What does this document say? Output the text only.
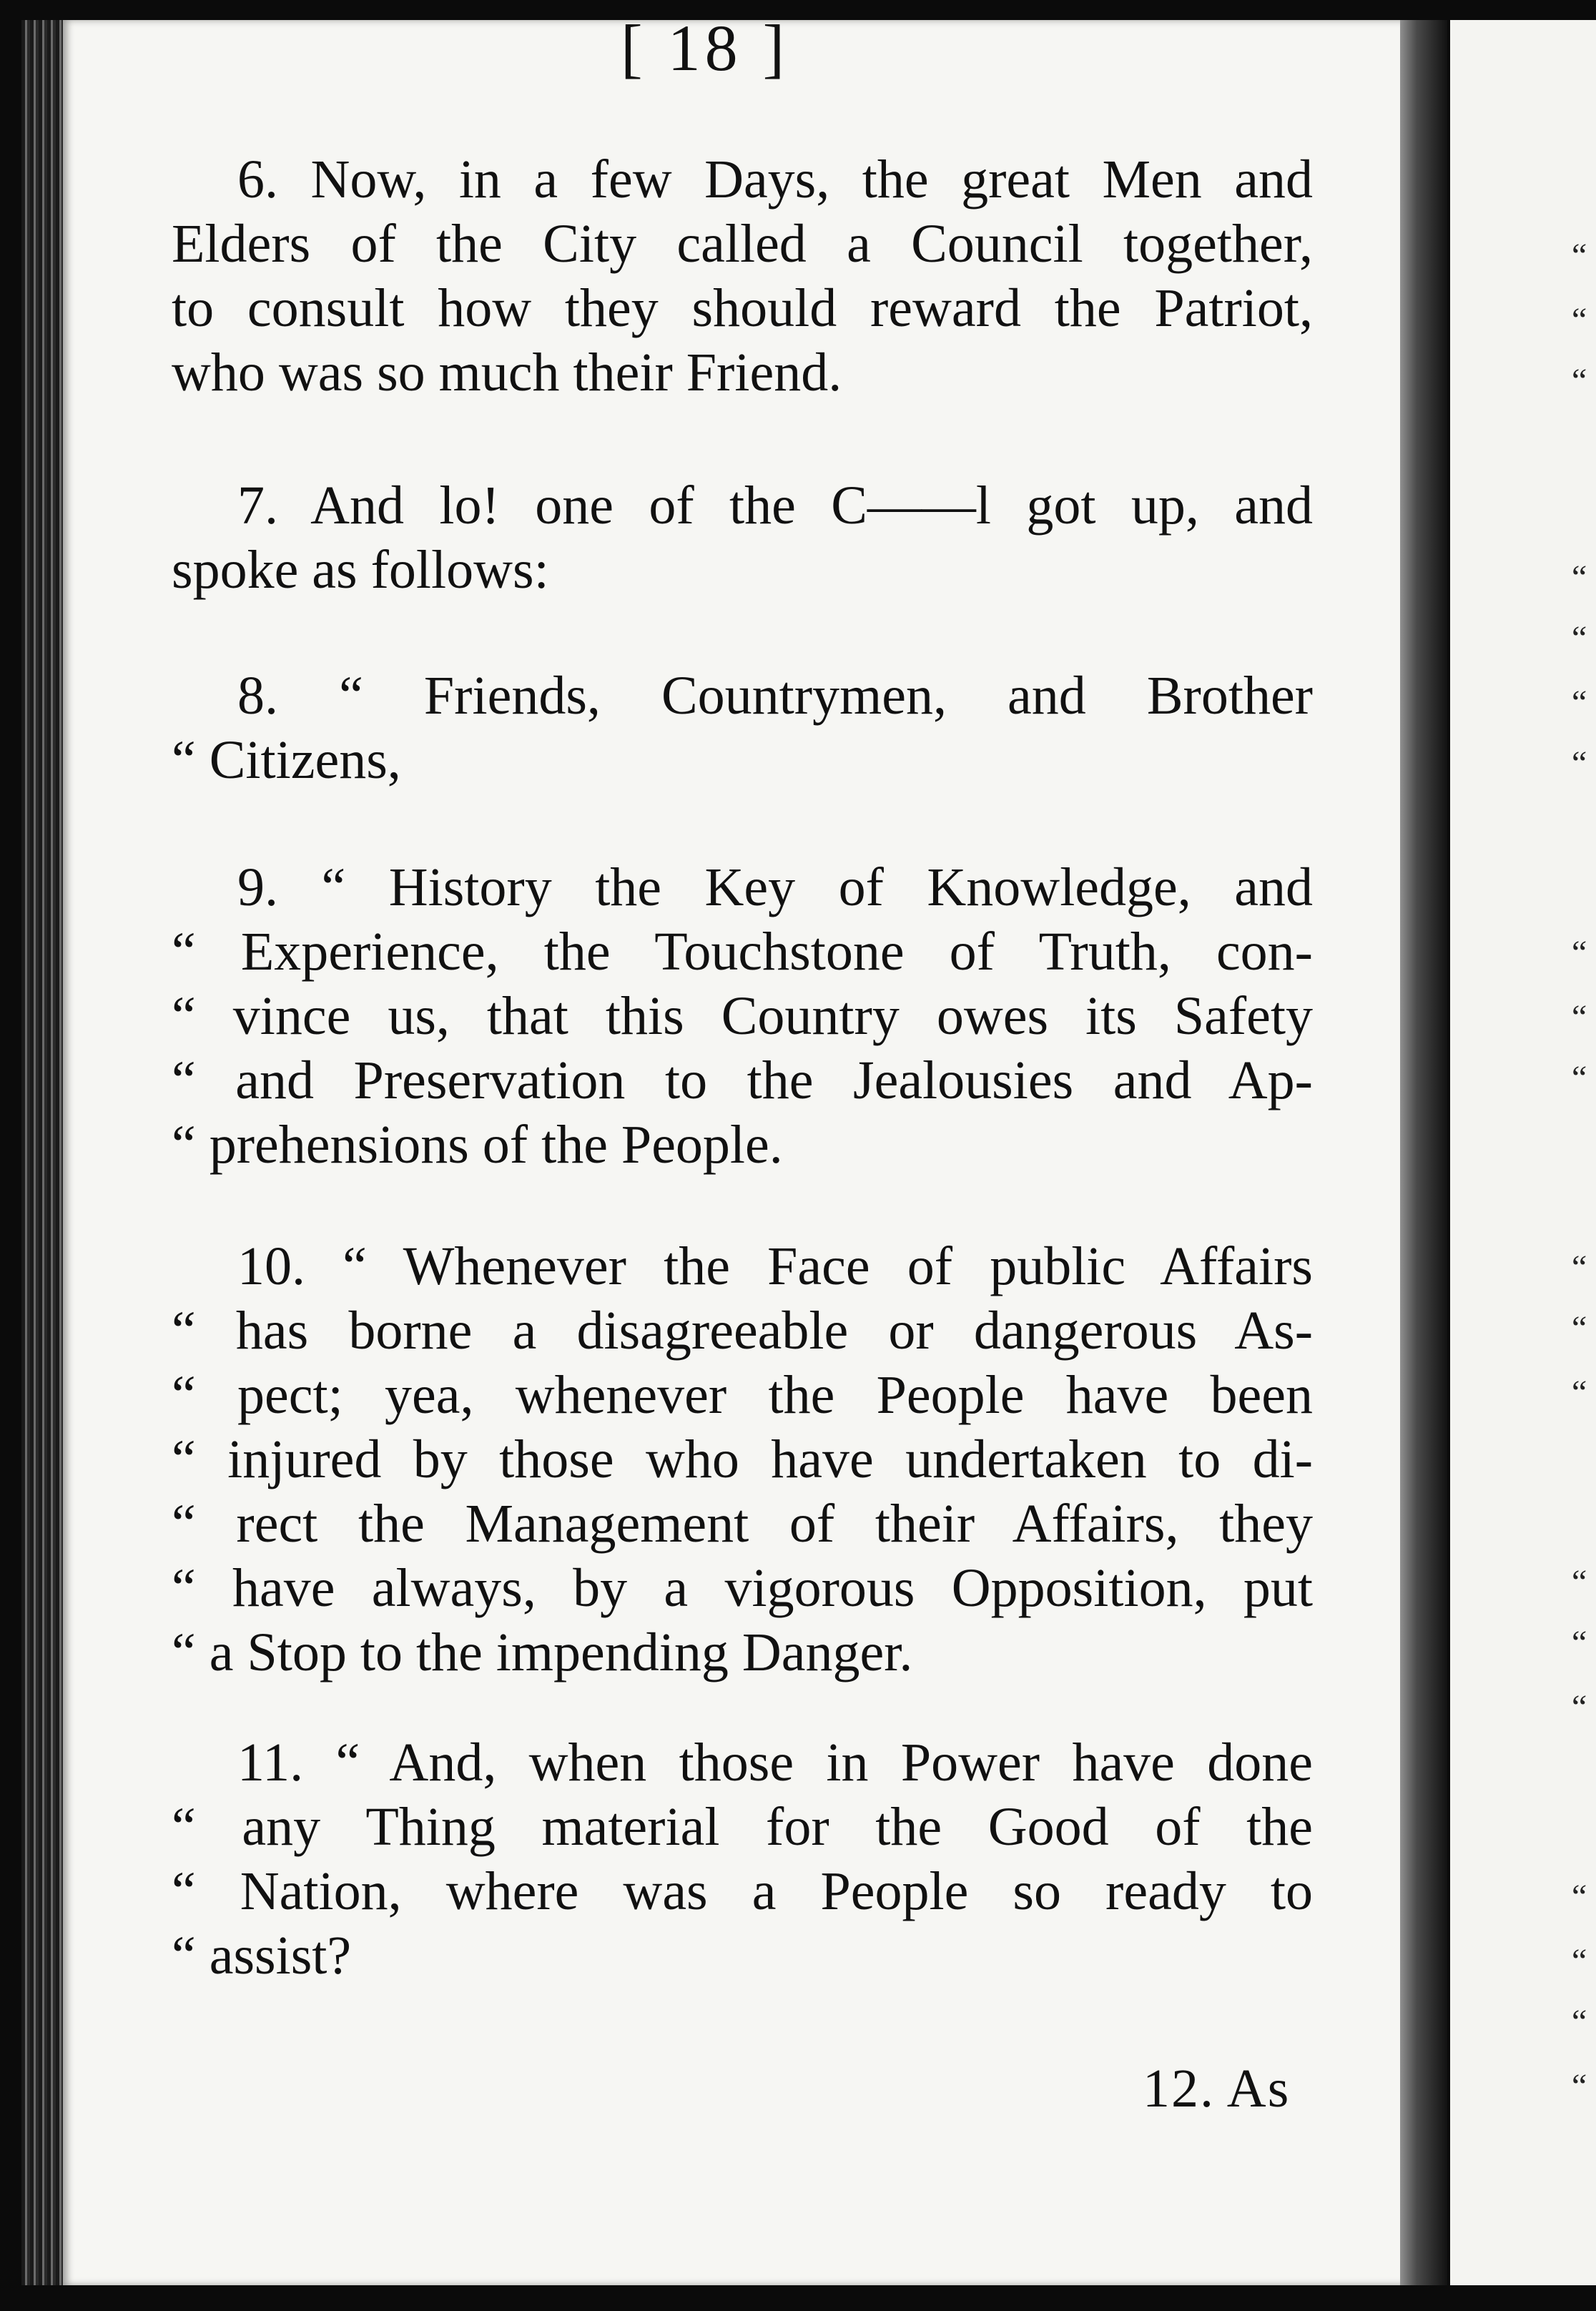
[ 18 ]
6. Now, in a few Days, the great Men and
Elders of the City called a Council together,
to consult how they should reward the Patriot,
who was so much their Friend.
7. And lo! one of the C——l got up, and
spoke as follows:
8. “ Friends, Countrymen, and Brother
“ Citizens,
9. “ History the Key of Knowledge, and
“ Experience, the Touchstone of Truth, con-
“ vince us, that this Country owes its Safety
“ and Preservation to the Jealousies and Ap-
“ prehensions of the People.
10. “ Whenever the Face of public Affairs
“ has borne a disagreeable or dangerous As-
“ pect; yea, whenever the People have been
“ injured by those who have undertaken to di-
“ rect the Management of their Affairs, they
“ have always, by a vigorous Opposition, put
“ a Stop to the impending Danger.
11. “ And, when those in Power have done
“ any Thing material for the Good of the
“ Nation, where was a People so ready to
“ assist?
12. As
“
“
“
“
“
“
“
“
“
“
“
“
“
“
“
“
“
“
“
“
